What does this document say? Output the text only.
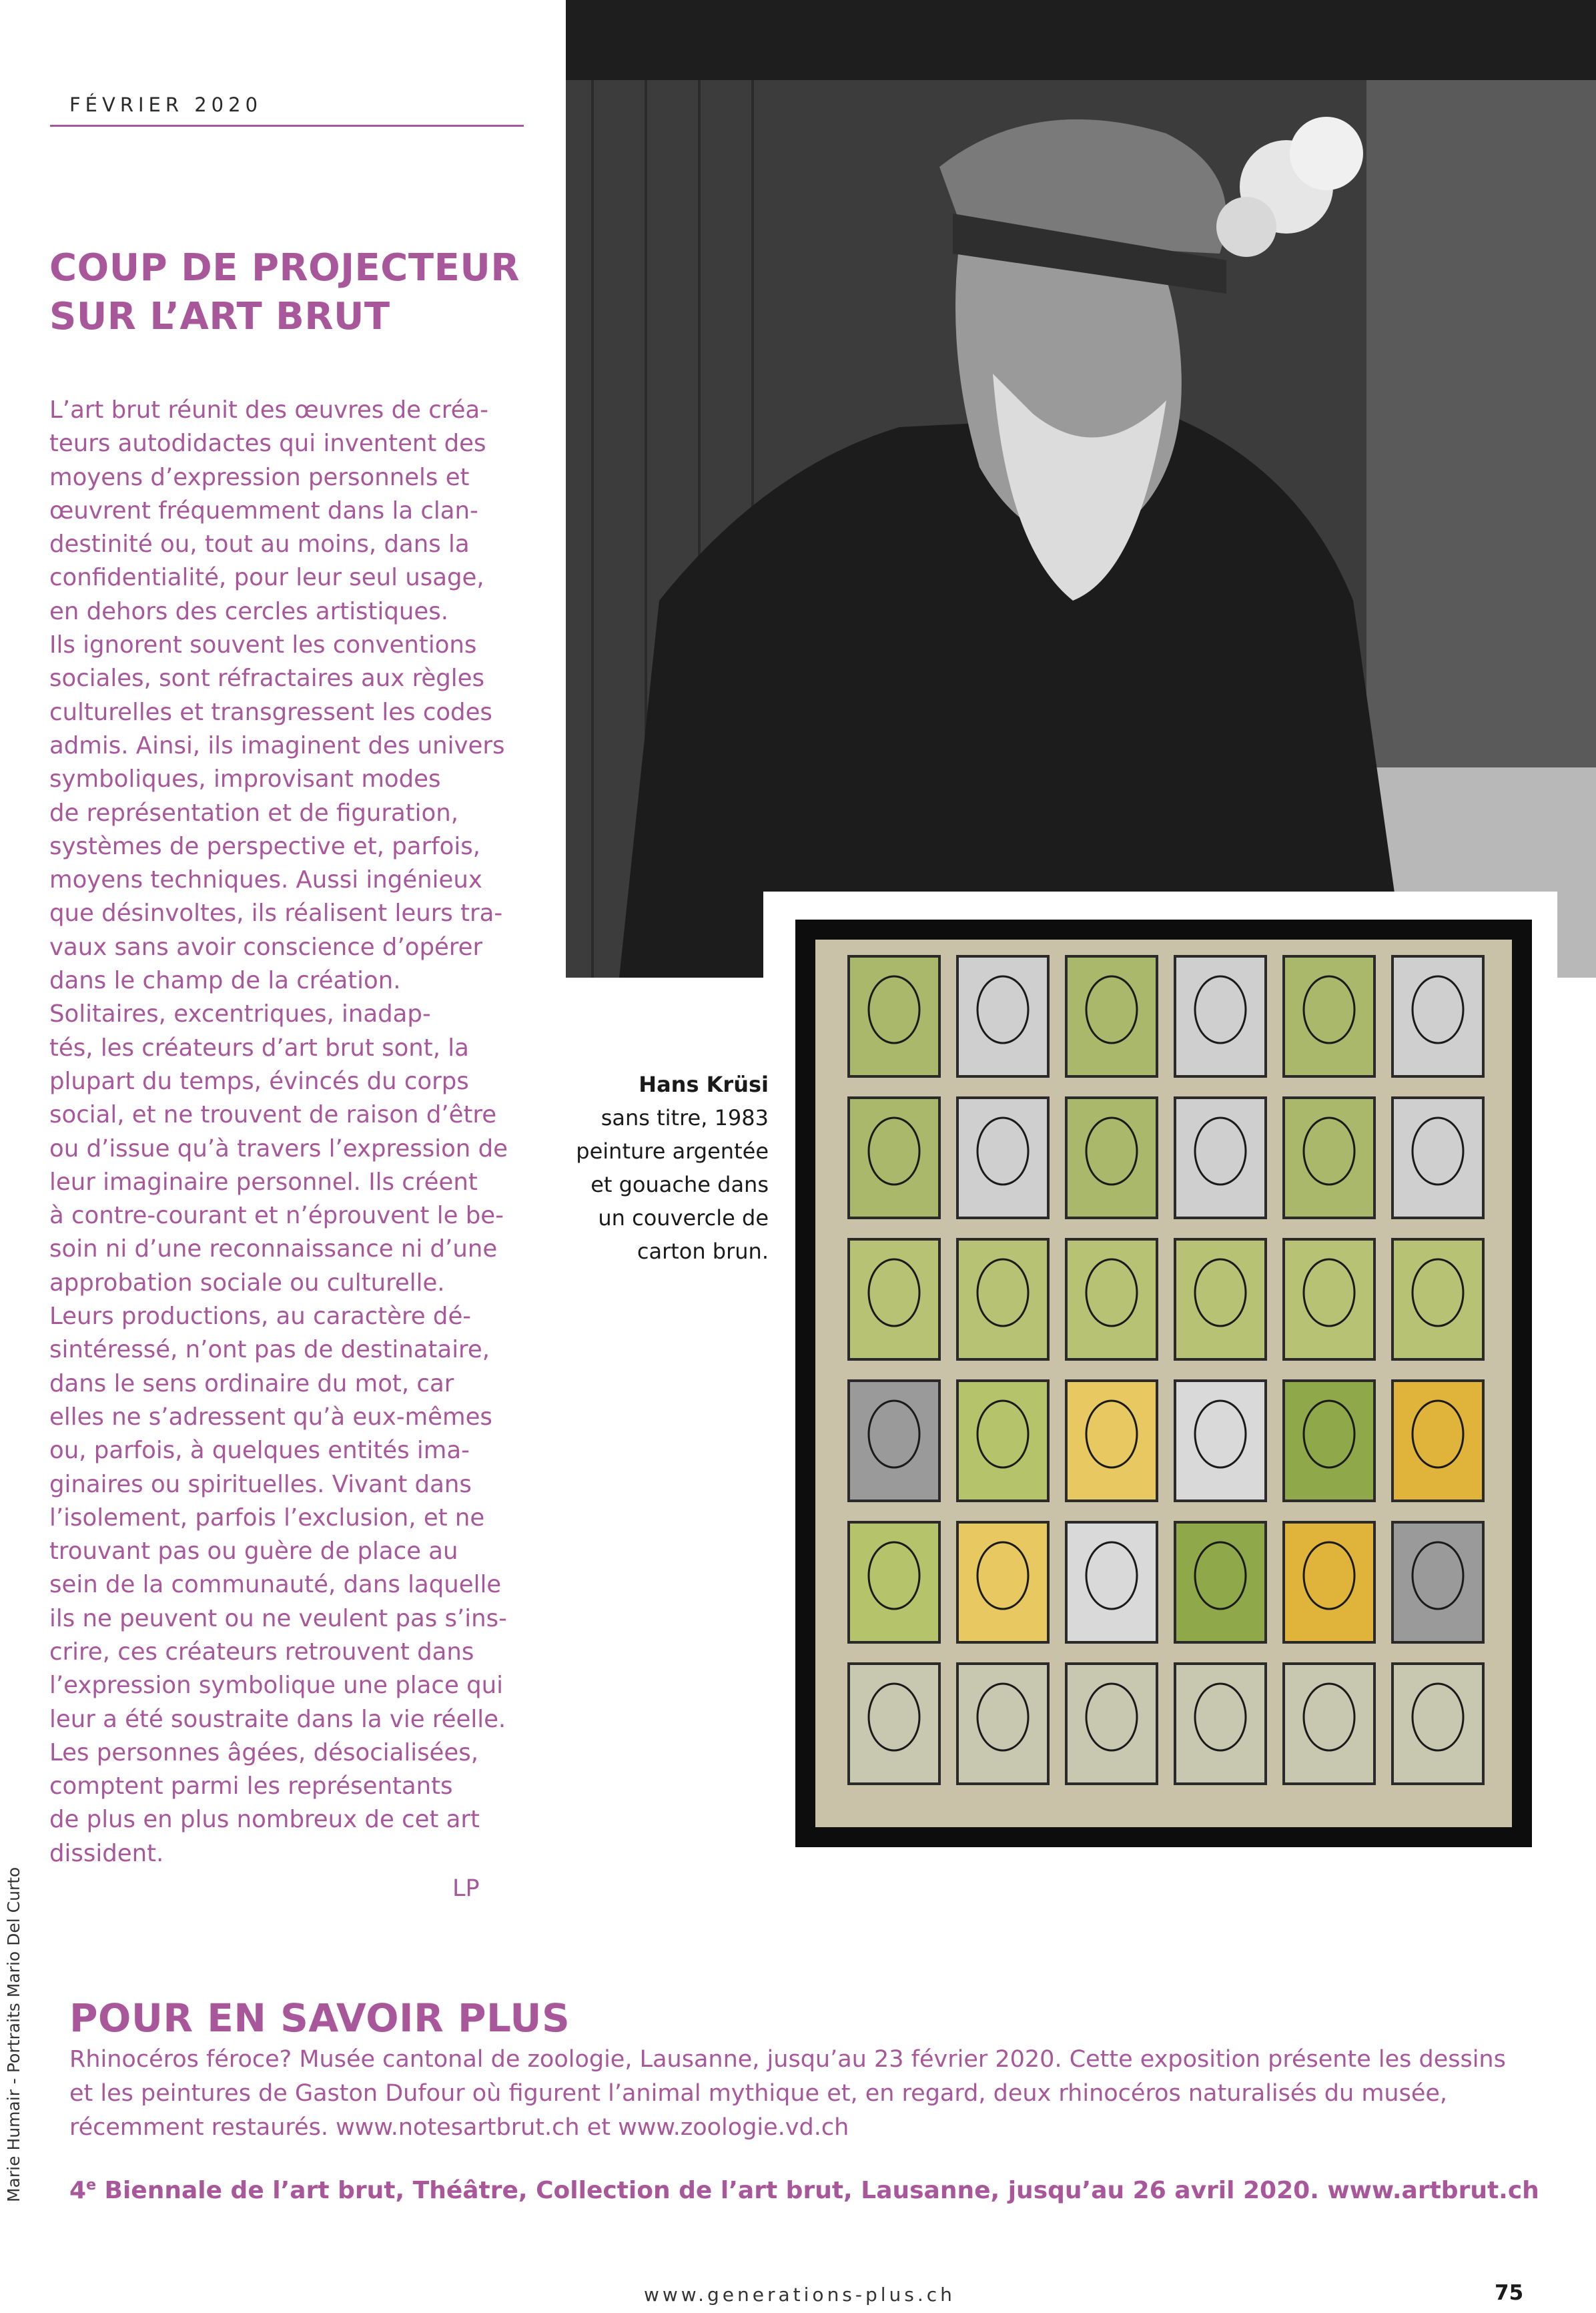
FÉVRIER 2020
COUP DE PROJECTEUR
SUR L’ART BRUT
L’art brut réunit des œuvres de créa-
teurs autodidactes qui inventent des
moyens d’expression personnels et
œuvrent fréquemment dans la clan-
destinité ou, tout au moins, dans la
confidentialité, pour leur seul usage,
en dehors des cercles artistiques.
Ils ignorent souvent les conventions
sociales, sont réfractaires aux règles
culturelles et transgressent les codes
admis. Ainsi, ils imaginent des univers
symboliques, improvisant modes
de représentation et de figuration,
systèmes de perspective et, parfois,
moyens techniques. Aussi ingénieux
que désinvoltes, ils réalisent leurs tra-
vaux sans avoir conscience d’opérer
dans le champ de la création.
Solitaires, excentriques, inadap-
tés, les créateurs d’art brut sont, la
plupart du temps, évincés du corps
social, et ne trouvent de raison d’être
ou d’issue qu’à travers l’expression de
leur imaginaire personnel. Ils créent
à contre-courant et n’éprouvent le be-
soin ni d’une reconnaissance ni d’une
approbation sociale ou culturelle.
Leurs productions, au caractère dé-
sintéressé, n’ont pas de destinataire,
dans le sens ordinaire du mot, car
elles ne s’adressent qu’à eux-mêmes
ou, parfois, à quelques entités ima-
ginaires ou spirituelles. Vivant dans
l’isolement, parfois l’exclusion, et ne
trouvant pas ou guère de place au
sein de la communauté, dans laquelle
ils ne peuvent ou ne veulent pas s’ins-
crire, ces créateurs retrouvent dans
l’expression symbolique une place qui
leur a été soustraite dans la vie réelle.
Les personnes âgées, désocialisées,
comptent parmi les représentants
de plus en plus nombreux de cet art
dissident.
LP
Hans Krüsi
sans titre, 1983
peinture argentée
et gouache dans
un couvercle de
carton brun.
Marie Humair - Portraits Mario Del Curto POUR EN SAVOIR PLUS
Rhinocéros féroce? Musée cantonal de zoologie, Lausanne, jusqu’au 23 février 2020. Cette exposition présente les dessins
et les peintures de Gaston Dufour où figurent l’animal mythique et, en regard, deux rhinocéros naturalisés du musée,
récemment restaurés. www.notesartbrut.ch et www.zoologie.vd.ch
4e Biennale de l’art brut, Théâtre, Collection de l’art brut, Lausanne, jusqu’au 26 avril 2020. www.artbrut.ch
www.generations-plus.ch	75
